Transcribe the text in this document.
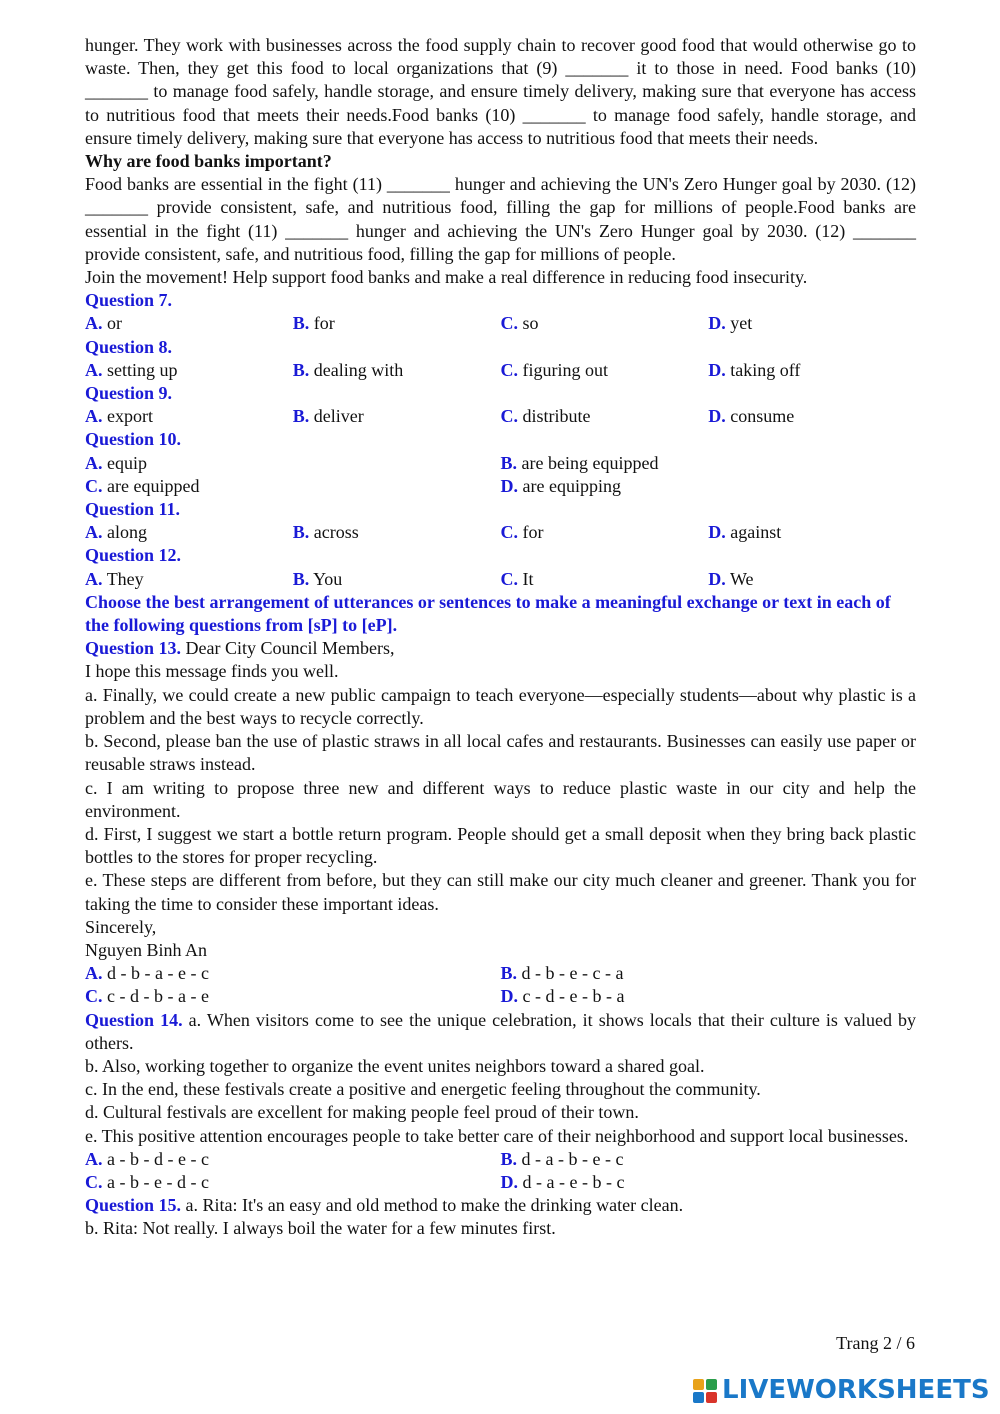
hunger. They work with businesses across the food supply chain to recover good food that would otherwise go to waste. Then, they get this food to local organizations that (9) _______ it to those in need. Food banks (10) _______ to manage food safely, handle storage, and ensure timely delivery, making sure that everyone has access to nutritious food that meets their needs.Food banks (10) _______ to manage food safely, handle storage, and ensure timely delivery, making sure that everyone has access to nutritious food that meets their needs.

Why are food banks important?

Food banks are essential in the fight (11) _______ hunger and achieving the UN's Zero Hunger goal by 2030. (12) _______ provide consistent, safe, and nutritious food, filling the gap for millions of people.Food banks are essential in the fight (11) _______ hunger and achieving the UN's Zero Hunger goal by 2030. (12) _______ provide consistent, safe, and nutritious food, filling the gap for millions of people.

Join the movement! Help support food banks and make a real difference in reducing food insecurity.

Question 7.

A. or	B. for	C. so	D. yet

Question 8.

A. setting up	B. dealing with	C. figuring out	D. taking off

Question 9.

A. export	B. deliver	C. distribute	D. consume

Question 10.

A. equip	B. are being equipped
C. are equipped	D. are equipping

Question 11.

A. along	B. across	C. for	D. against

Question 12.

A. They	B. You	C. It	D. We

Choose the best arrangement of utterances or sentences to make a meaningful exchange or text in each of the following questions from [sP] to [eP].

Question 13. Dear City Council Members,

I hope this message finds you well.

a. Finally, we could create a new public campaign to teach everyone—especially students—about why plastic is a problem and the best ways to recycle correctly.

b. Second, please ban the use of plastic straws in all local cafes and restaurants. Businesses can easily use paper or reusable straws instead.

c. I am writing to propose three new and different ways to reduce plastic waste in our city and help the environment.

d. First, I suggest we start a bottle return program. People should get a small deposit when they bring back plastic bottles to the stores for proper recycling.

e. These steps are different from before, but they can still make our city much cleaner and greener. Thank you for taking the time to consider these important ideas.

Sincerely,

Nguyen Binh An

A. d - b - a - e - c	B. d - b - e - c - a
C. c - d - b - a - e	D. c - d - e - b - a

Question 14. a. When visitors come to see the unique celebration, it shows locals that their culture is valued by others.

b. Also, working together to organize the event unites neighbors toward a shared goal.

c. In the end, these festivals create a positive and energetic feeling throughout the community.

d. Cultural festivals are excellent for making people feel proud of their town.

e. This positive attention encourages people to take better care of their neighborhood and support local businesses.

A. a - b - d - e - c	B. d - a - b - e - c
C. a - b - e - d - c	D. d - a - e - b - c

Question 15. a. Rita: It's an easy and old method to make the drinking water clean.

b. Rita: Not really. I always boil the water for a few minutes first.

Trang 2 / 6
LIVEWORKSHEETS
